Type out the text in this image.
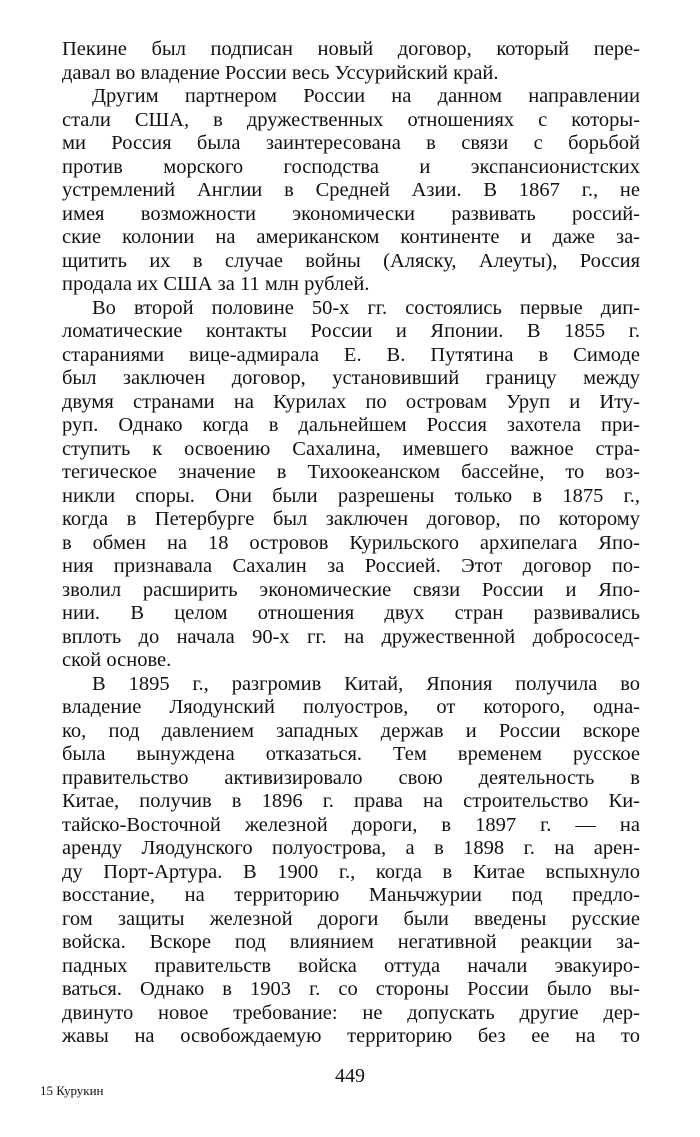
Пекине был подписан новый договор, который пере-
давал во владение России весь Уссурийский край.
Другим партнером России на данном направлении
стали США, в дружественных отношениях с которы-
ми Россия была заинтересована в связи с борьбой
против морского господства и экспансионистских
устремлений Англии в Средней Азии. В 1867 г., не
имея возможности экономически развивать россий-
ские колонии на американском континенте и даже за-
щитить их в случае войны (Аляску, Алеуты), Россия
продала их США за 11 млн рублей.
Во второй половине 50-х гг. состоялись первые дип-
ломатические контакты России и Японии. В 1855 г.
стараниями вице-адмирала Е. В. Путятина в Симоде
был заключен договор, установивший границу между
двумя странами на Курилах по островам Уруп и Иту-
руп. Однако когда в дальнейшем Россия захотела при-
ступить к освоению Сахалина, имевшего важное стра-
тегическое значение в Тихоокеанском бассейне, то воз-
никли споры. Они были разрешены только в 1875 г.,
когда в Петербурге был заключен договор, по которому
в обмен на 18 островов Курильского архипелага Япо-
ния признавала Сахалин за Россией. Этот договор по-
зволил расширить экономические связи России и Япо-
нии. В целом отношения двух стран развивались
вплоть до начала 90-х гг. на дружественной добрососед-
ской основе.
В 1895 г., разгромив Китай, Япония получила во
владение Ляодунский полуостров, от которого, одна-
ко, под давлением западных держав и России вскоре
была вынуждена отказаться. Тем временем русское
правительство активизировало свою деятельность в
Китае, получив в 1896 г. права на строительство Ки-
тайско-Восточной железной дороги, в 1897 г. — на
аренду Ляодунского полуострова, а в 1898 г. на арен-
ду Порт-Артура. В 1900 г., когда в Китае вспыхнуло
восстание, на территорию Маньчжурии под предло-
гом защиты железной дороги были введены русские
войска. Вскоре под влиянием негативной реакции за-
падных правительств войска оттуда начали эвакуиро-
ваться. Однако в 1903 г. со стороны России было вы-
двинуто новое требование: не допускать другие дер-
жавы на освобождаемую территорию без ее на то
449
15 Курукин
